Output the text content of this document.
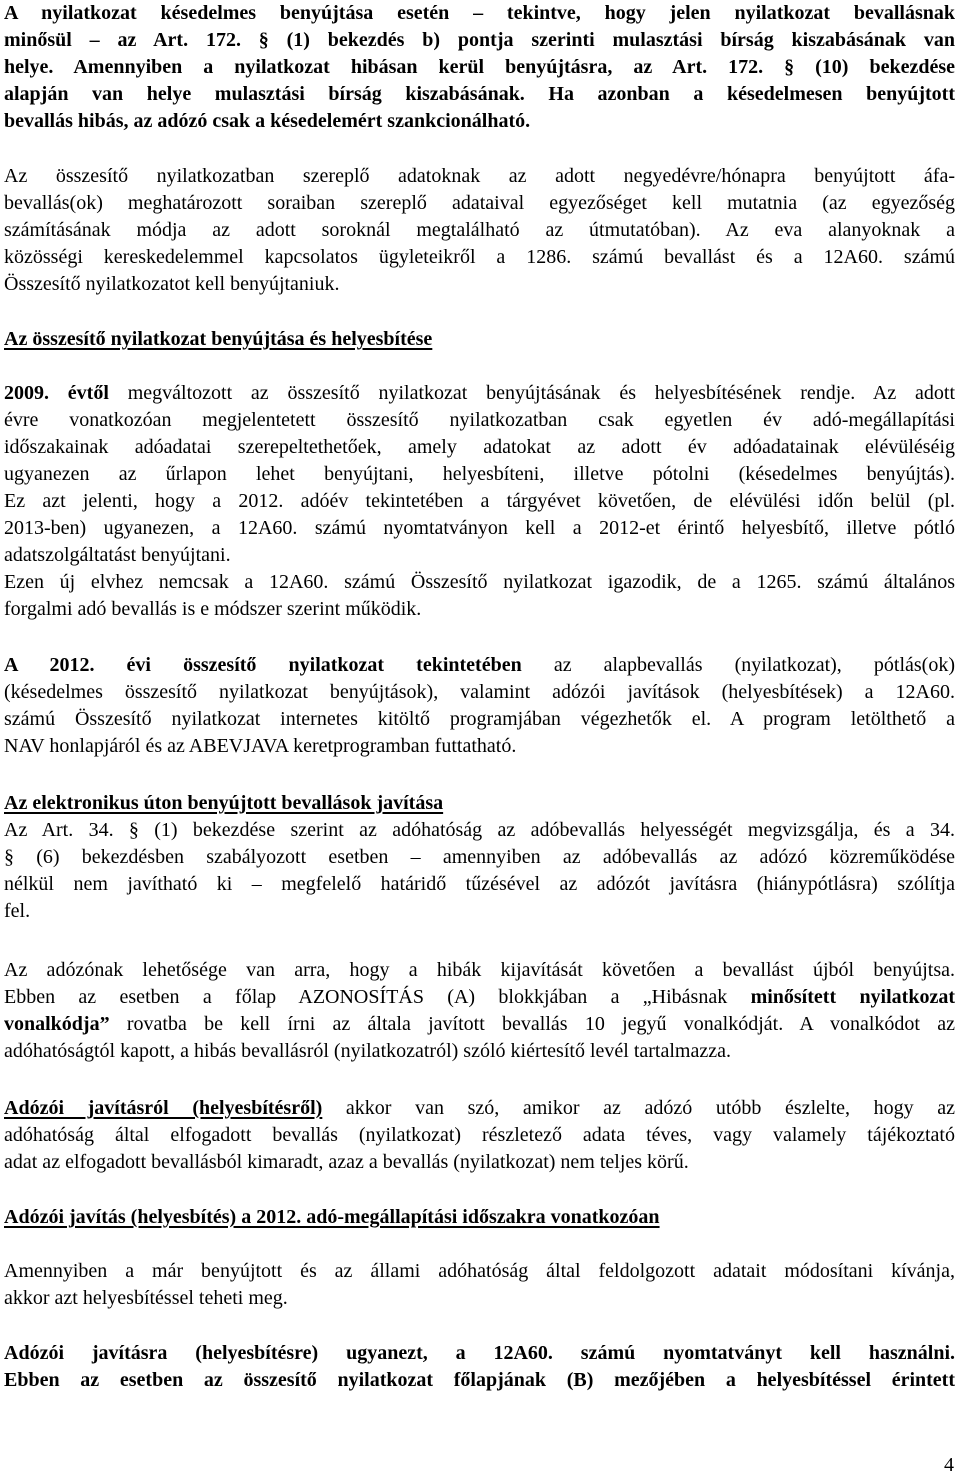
A nyilatkozat késedelmes benyújtása esetén – tekintve, hogy jelen nyilatkozat bevallásnak
minősül – az Art. 172. § (1) bekezdés b) pontja szerinti mulasztási bírság kiszabásának van
helye. Amennyiben a nyilatkozat hibásan kerül benyújtásra, az Art. 172. § (10) bekezdése
alapján van helye mulasztási bírság kiszabásának. Ha azonban a késedelmesen benyújtott
bevallás hibás, az adózó csak a késedelemért szankcionálható.
Az összesítő nyilatkozatban szereplő adatoknak az adott negyedévre/hónapra benyújtott áfa-
bevallás(ok) meghatározott soraiban szereplő adataival egyezőséget kell mutatnia (az egyezőség
számításának módja az adott soroknál megtalálható az útmutatóban). Az eva alanyoknak a
közösségi kereskedelemmel kapcsolatos ügyleteikről a 1286. számú bevallást és a 12A60. számú
Összesítő nyilatkozatot kell benyújtaniuk.
Az összesítő nyilatkozat benyújtása és helyesbítése
2009. évtől megváltozott az összesítő nyilatkozat benyújtásának és helyesbítésének rendje. Az adott
évre vonatkozóan megjelentetett összesítő nyilatkozatban csak egyetlen év adó-megállapítási
időszakainak adóadatai szerepeltethetőek, amely adatokat az adott év adóadatainak elévüléséig
ugyanezen az űrlapon lehet benyújtani, helyesbíteni, illetve pótolni (késedelmes benyújtás).
Ez azt jelenti, hogy a 2012. adóév tekintetében a tárgyévet követően, de elévülési időn belül (pl.
2013-ben) ugyanezen, a 12A60. számú nyomtatványon kell a 2012-et érintő helyesbítő, illetve pótló
adatszolgáltatást benyújtani.
Ezen új elvhez nemcsak a 12A60. számú Összesítő nyilatkozat igazodik, de a 1265. számú általános
forgalmi adó bevallás is e módszer szerint működik.
A 2012. évi összesítő nyilatkozat tekintetében az alapbevallás (nyilatkozat), pótlás(ok)
(késedelmes összesítő nyilatkozat benyújtások), valamint adózói javítások (helyesbítések) a 12A60.
számú Összesítő nyilatkozat internetes kitöltő programjában végezhetők el. A program letölthető a
NAV honlapjáról és az ABEVJAVA keretprogramban futtatható.
Az elektronikus úton benyújtott bevallások javítása
Az Art. 34. § (1) bekezdése szerint az adóhatóság az adóbevallás helyességét megvizsgálja, és a 34.
§ (6) bekezdésben szabályozott esetben – amennyiben az adóbevallás az adózó közreműködése
nélkül nem javítható ki – megfelelő határidő tűzésével az adózót javításra (hiánypótlásra) szólítja
fel.
Az adózónak lehetősége van arra, hogy a hibák kijavítását követően a bevallást újból benyújtsa.
Ebben az esetben a főlap AZONOSÍTÁS (A) blokkjában a „Hibásnak minősített nyilatkozat
vonalkódja” rovatba be kell írni az általa javított bevallás 10 jegyű vonalkódját. A vonalkódot az
adóhatóságtól kapott, a hibás bevallásról (nyilatkozatról) szóló kiértesítő levél tartalmazza.
Adózói javításról (helyesbítésről) akkor van szó, amikor az adózó utóbb észlelte, hogy az
adóhatóság által elfogadott bevallás (nyilatkozat) részletező adata téves, vagy valamely tájékoztató
adat az elfogadott bevallásból kimaradt, azaz a bevallás (nyilatkozat) nem teljes körű.
Adózói javítás (helyesbítés) a 2012. adó-megállapítási időszakra vonatkozóan
Amennyiben a már benyújtott és az állami adóhatóság által feldolgozott adatait módosítani kívánja,
akkor azt helyesbítéssel teheti meg.
Adózói javításra (helyesbítésre) ugyanezt, a 12A60. számú nyomtatványt kell használni.
Ebben az esetben az összesítő nyilatkozat főlapjának (B) mezőjében a helyesbítéssel érintett
4
